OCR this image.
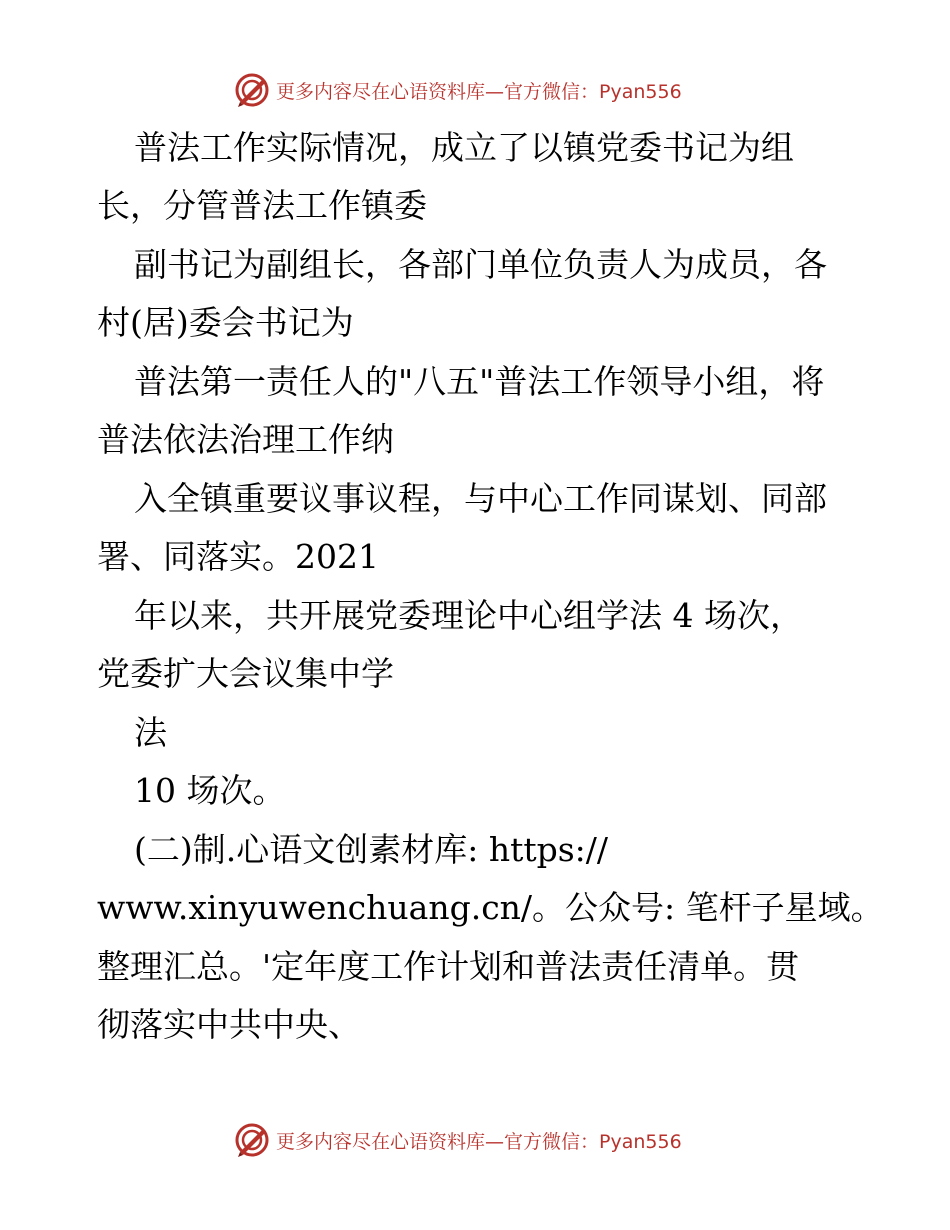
更多内容尽在心语资料库—官方微信：Pyan556
普法工作实际情况，成立了以镇党委书记为组
长，分管普法工作镇委
副书记为副组长，各部门单位负责人为成员，各
村(居)委会书记为
普法第一责任人的"八五"普法工作领导小组，将
普法依法治理工作纳
入全镇重要议事议程，与中心工作同谋划、同部
署、同落实。2021
年以来，共开展党委理论中心组学法 4 场次，
党委扩大会议集中学
法
10 场次。
(二)制.心语文创素材库: https://
www.xinyuwenchuang.cn/。公众号: 笔杆子星域。
整理汇总。'定年度工作计划和普法责任清单。贯
彻落实中共中央、
更多内容尽在心语资料库—官方微信：Pyan556
